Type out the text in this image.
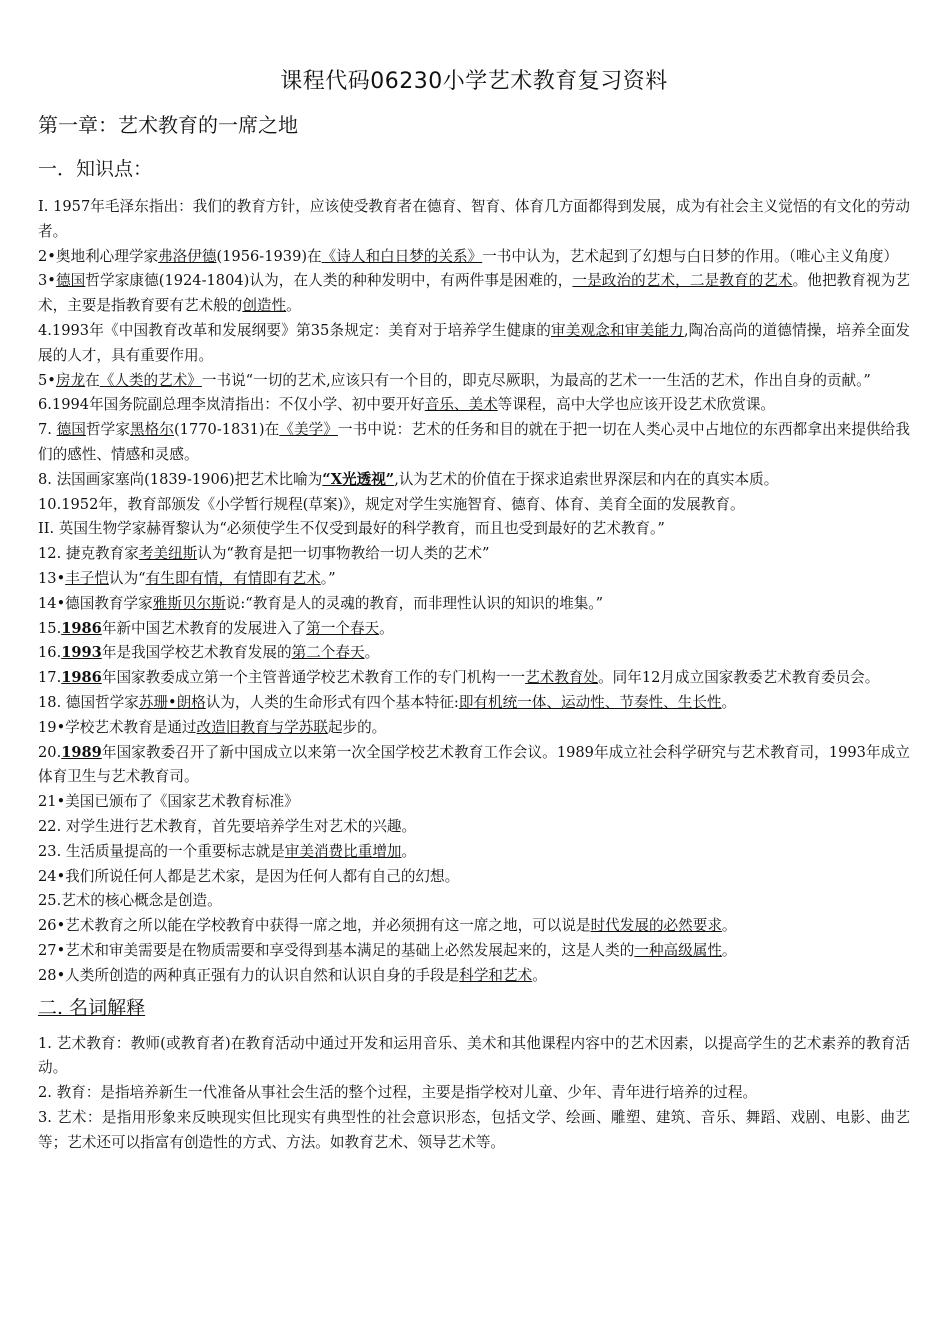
课程代码06230小学艺术教育复习资料
第一章：艺术教育的一席之地
一．知识点：
I. 1957年毛泽东指出：我们的教育方针，应该使受教育者在德育、智育、体育几方面都得到发展，成为有社会主义觉悟的有文化的劳动者。
2•奥地利心理学家弗洛伊德(1956-1939)在《诗人和白日梦的关系》一书中认为，艺术起到了幻想与白日梦的作用。（唯心主义角度）
3•德国哲学家康德(1924-1804)认为，在人类的种种发明中，有两件事是困难的，一是政治的艺术，二是教育的艺术。他把教育视为艺术，主要是指教育要有艺术般的创造性。
4.1993年《中国教育改革和发展纲要》第35条规定：美育对于培养学生健康的审美观念和审美能力,陶冶高尚的道德情操，培养全面发展的人才，具有重要作用。
5•房龙在《人类的艺术》一书说“一切的艺术,应该只有一个目的，即克尽厥职，为最高的艺术一一生活的艺术，作出自身的贡献。”
6.1994年国务院副总理李岚清指出：不仅小学、初中要开好音乐、美术等课程，高中大学也应该开设艺术欣赏课。
7. 德国哲学家黑格尔(1770-1831)在《美学》一书中说：艺术的任务和目的就在于把一切在人类心灵中占地位的东西都拿出来提供给我们的感性、情感和灵感。
8. 法国画家塞尚(1839-1906)把艺术比喻为“X光透视”,认为艺术的价值在于探求追索世界深层和内在的真实本质。
10.1952年，教育部颁发《小学暂行规程(草案)》，规定对学生实施智育、德育、体育、美育全面的发展教育。
II. 英国生物学家赫胥黎认为“必须使学生不仅受到最好的科学教育，而且也受到最好的艺术教育。”
12. 捷克教育家考美纽斯认为“教育是把一切事物教给一切人类的艺术”
13•丰子恺认为“有生即有情，有情即有艺术。”
14•德国教育学家雅斯贝尔斯说:“教育是人的灵魂的教育，而非理性认识的知识的堆集。”
15.1986年新中国艺术教育的发展进入了第一个春天。
16.1993年是我国学校艺术教育发展的第二个春天。
17.1986年国家教委成立第一个主管普通学校艺术教育工作的专门机构一一艺术教育处。同年12月成立国家教委艺术教育委员会。
18. 德国哲学家苏珊•朗格认为，人类的生命形式有四个基本特征:即有机统一体、运动性、节奏性、生长性。
19•学校艺术教育是通过改造旧教育与学苏联起步的。
20.1989年国家教委召开了新中国成立以来第一次全国学校艺术教育工作会议。1989年成立社会科学研究与艺术教育司，1993年成立体育卫生与艺术教育司。
21•美国已颁布了《国家艺术教育标准》
22. 对学生进行艺术教育，首先要培养学生对艺术的兴趣。
23. 生活质量提高的一个重要标志就是审美消费比重增加。
24•我们所说任何人都是艺术家，是因为任何人都有自己的幻想。
25.艺术的核心概念是创造。
26•艺术教育之所以能在学校教育中获得一席之地，并必须拥有这一席之地，可以说是时代发展的必然要求。
27•艺术和审美需要是在物质需要和享受得到基本满足的基础上必然发展起来的，这是人类的一种高级属性。
28•人类所创造的两种真正强有力的认识自然和认识自身的手段是科学和艺术。
二. 名词解释
1. 艺术教育：教师(或教育者)在教育活动中通过开发和运用音乐、美术和其他课程内容中的艺术因素，以提高学生的艺术素养的教育活动。
2. 教育：是指培养新生一代准备从事社会生活的整个过程，主要是指学校对儿童、少年、青年进行培养的过程。
3. 艺术：是指用形象来反映现实但比现实有典型性的社会意识形态，包括文学、绘画、雕塑、建筑、音乐、舞蹈、戏剧、电影、曲艺等；艺术还可以指富有创造性的方式、方法。如教育艺术、领导艺术等。
